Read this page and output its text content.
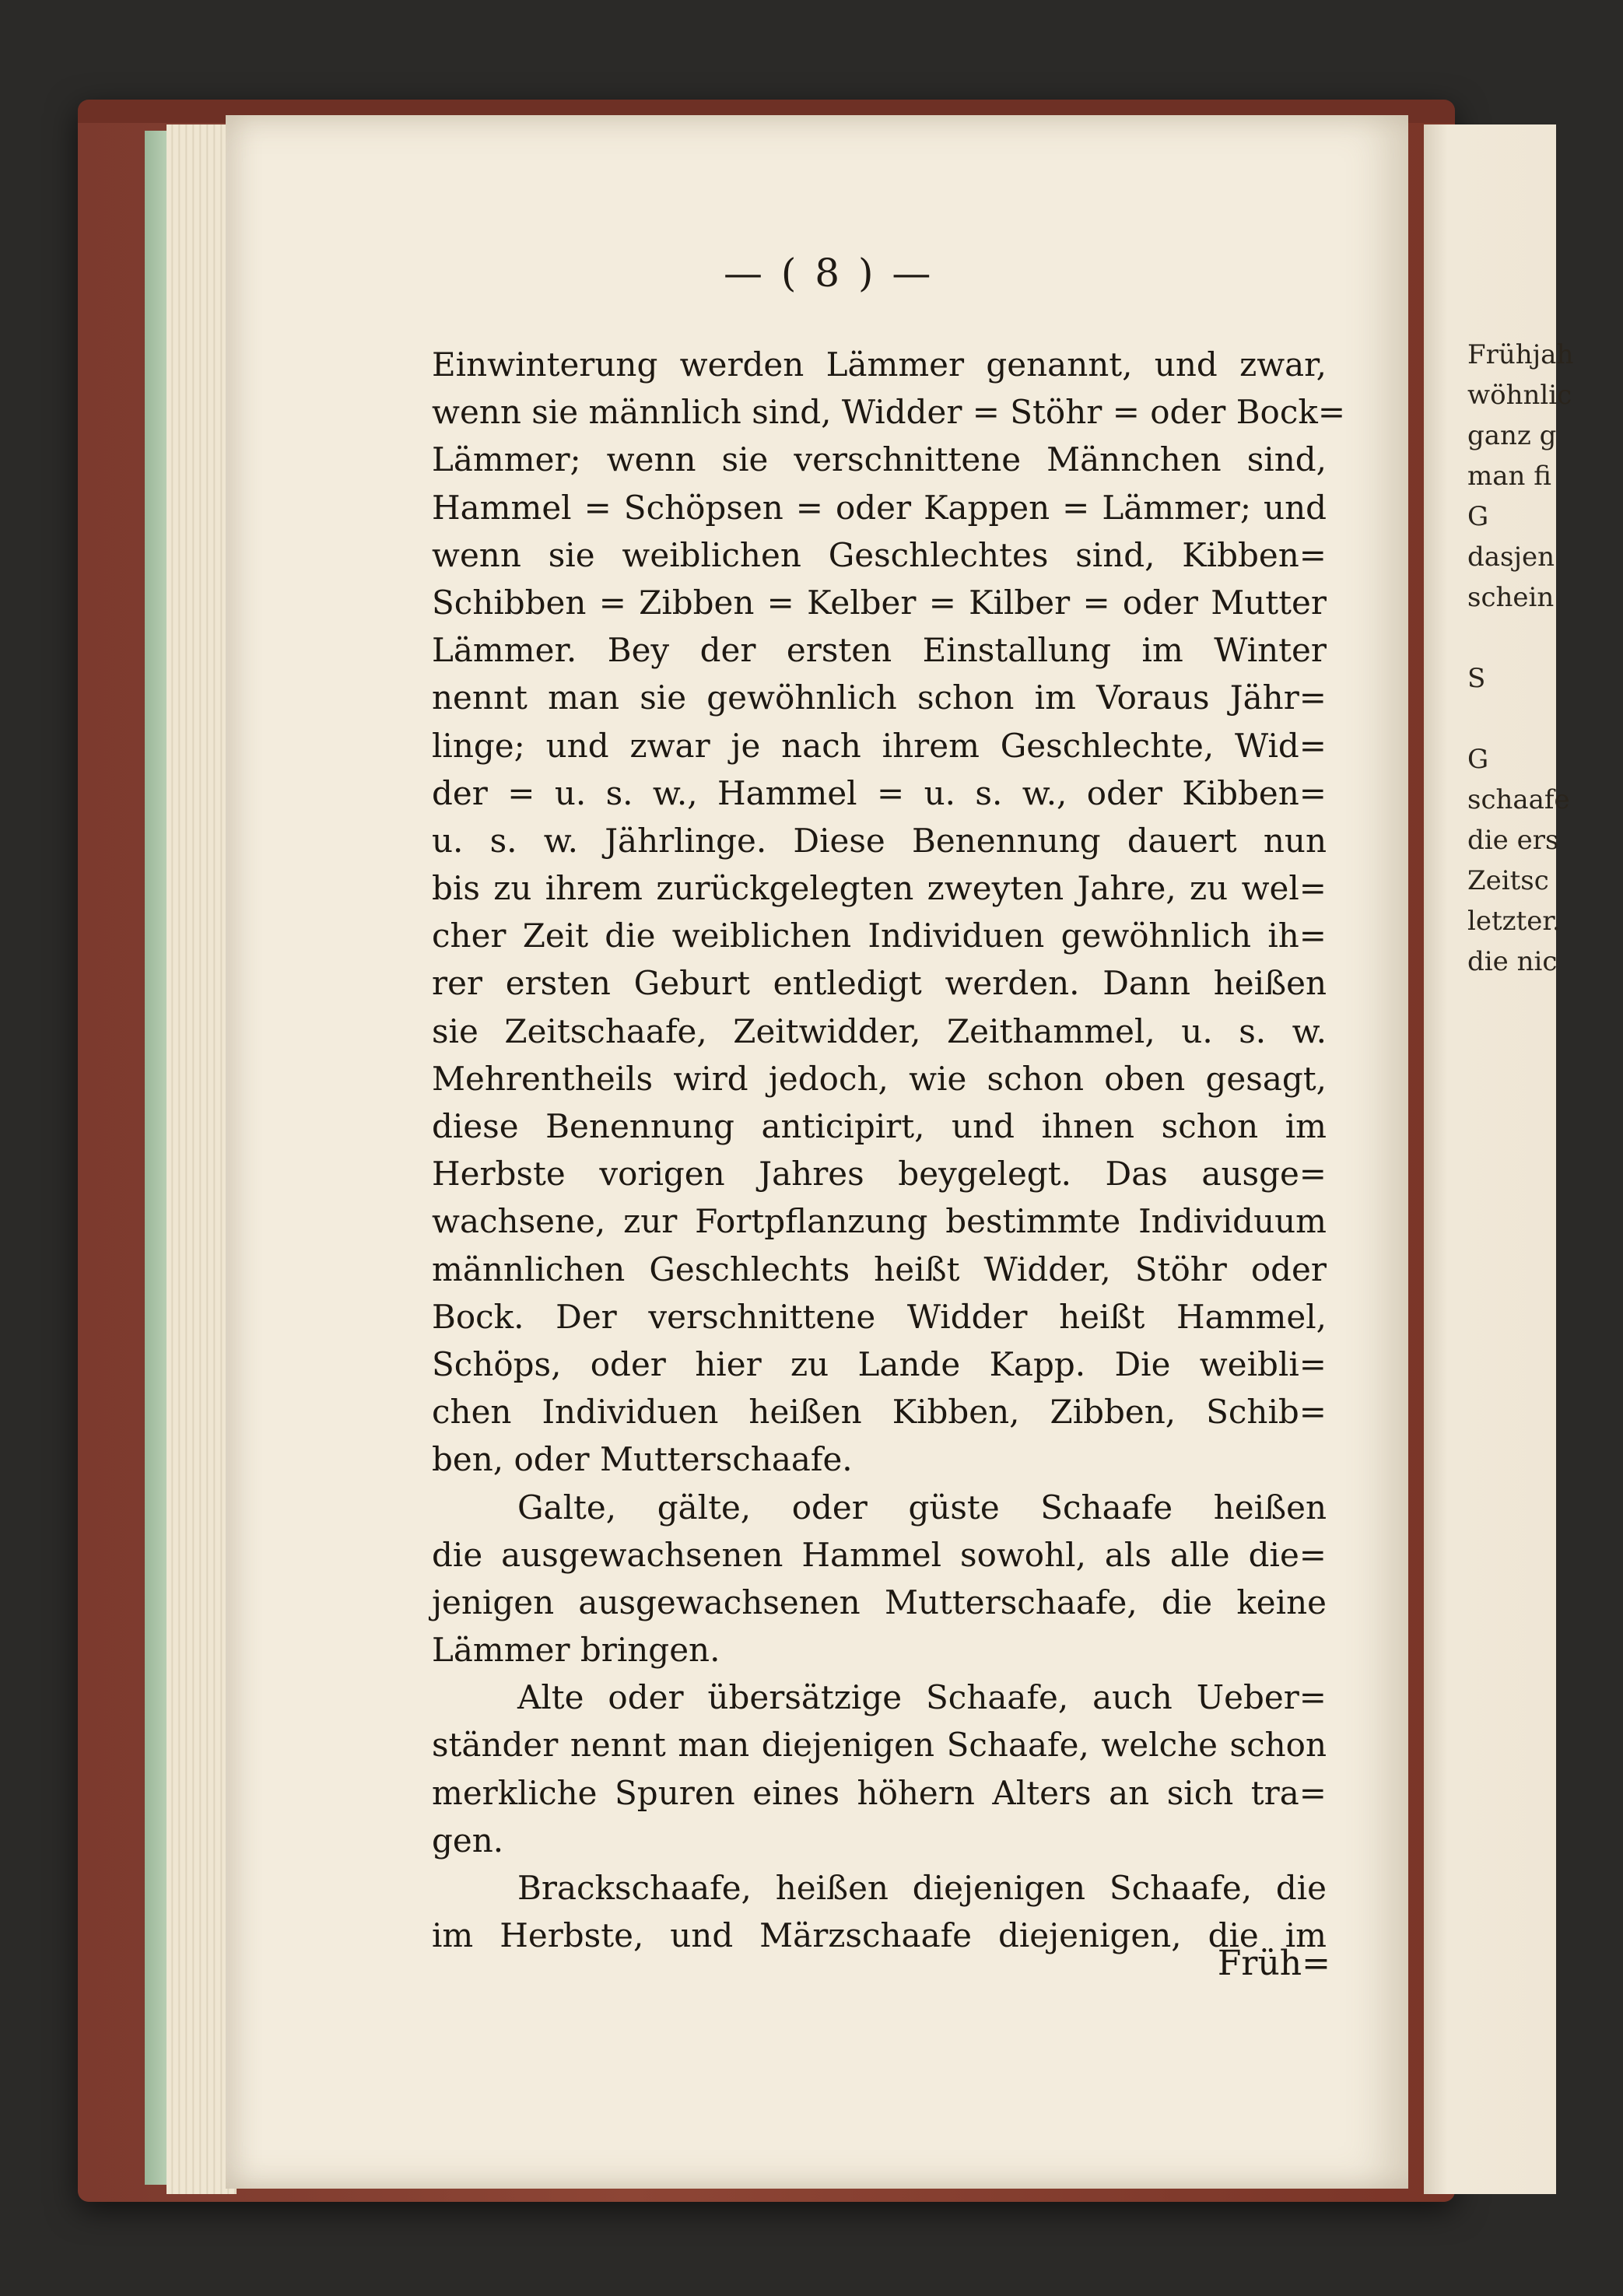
Frühjah
wöhnlic
ganz g
man fi
G
dasjen
schein

S

G
schaafe
die ers
Zeitsc
letzter.
die nic
— ( 8 ) —
Einwinterung werden Lämmer genannt, und zwar,
wenn sie männlich sind, Widder = Stöhr = oder Bock=
Lämmer; wenn sie verschnittene Männchen sind,
Hammel = Schöpsen = oder Kappen = Lämmer; und
wenn sie weiblichen Geschlechtes sind, Kibben=
Schibben = Zibben = Kelber = Kilber = oder Mutter
Lämmer. Bey der ersten Einstallung im Winter
nennt man sie gewöhnlich schon im Voraus Jähr=
linge; und zwar je nach ihrem Geschlechte, Wid=
der = u. s. w., Hammel = u. s. w., oder Kibben=
u. s. w. Jährlinge. Diese Benennung dauert nun
bis zu ihrem zurückgelegten zweyten Jahre, zu wel=
cher Zeit die weiblichen Individuen gewöhnlich ih=
rer ersten Geburt entledigt werden. Dann heißen
sie Zeitschaafe, Zeitwidder, Zeithammel, u. s. w.
Mehrentheils wird jedoch, wie schon oben gesagt,
diese Benennung anticipirt, und ihnen schon im
Herbste vorigen Jahres beygelegt. Das ausge=
wachsene, zur Fortpflanzung bestimmte Individuum
männlichen Geschlechts heißt Widder, Stöhr oder
Bock. Der verschnittene Widder heißt Hammel,
Schöps, oder hier zu Lande Kapp. Die weibli=
chen Individuen heißen Kibben, Zibben, Schib=
ben, oder Mutterschaafe.
Galte, gälte, oder güste Schaafe heißen
die ausgewachsenen Hammel sowohl, als alle die=
jenigen ausgewachsenen Mutterschaafe, die keine
Lämmer bringen.
Alte oder übersätzige Schaafe, auch Ueber=
ständer nennt man diejenigen Schaafe, welche schon
merkliche Spuren eines höhern Alters an sich tra=
gen.
Brackschaafe, heißen diejenigen Schaafe, die
im Herbste, und Märzschaafe diejenigen, die im
Früh=
